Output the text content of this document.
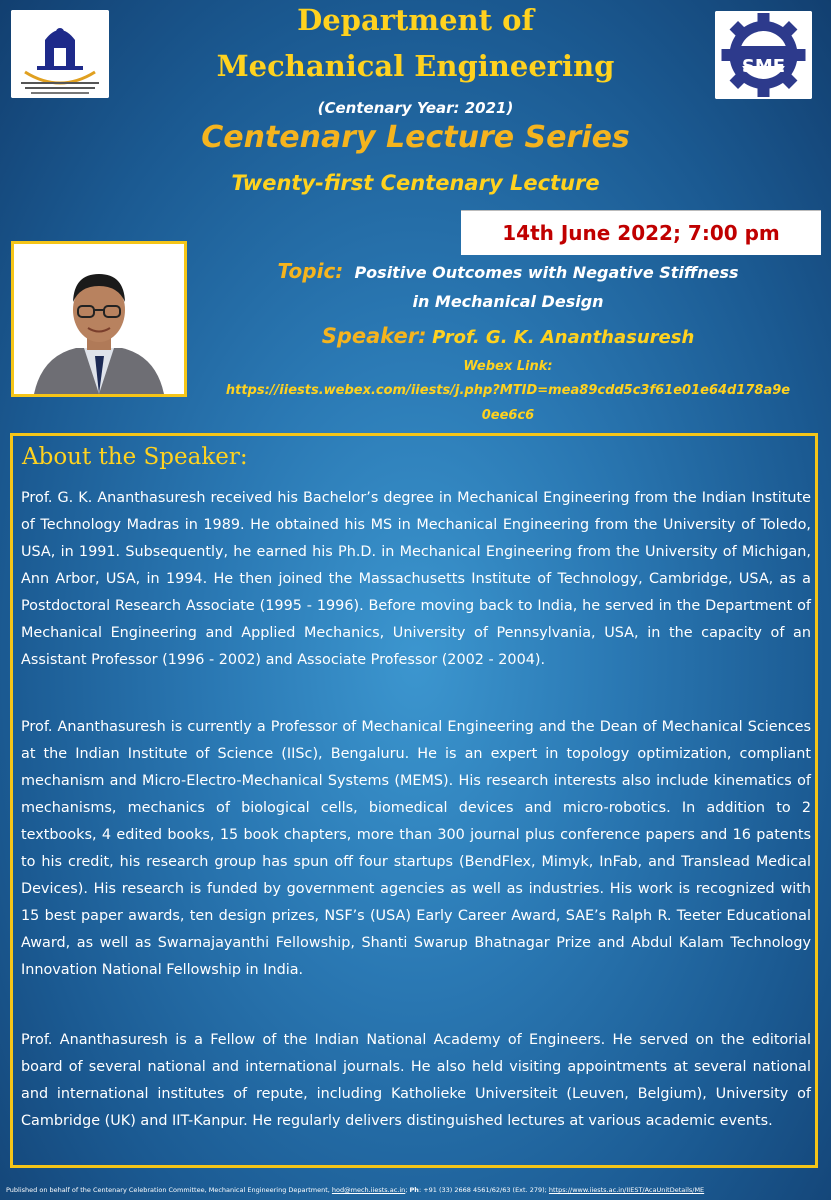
SME
Department of
Mechanical Engineering
(Centenary Year: 2021)
Centenary Lecture Series
Twenty-first Centenary Lecture
14th June 2022; 7:00 pm
Topic: Positive Outcomes with Negative Stiffness
in Mechanical Design
Speaker: Prof. G. K. Ananthasuresh
Webex Link:
https://iiests.webex.com/iiests/j.php?MTID=mea89cdd5c3f61e01e64d178a9e
0ee6c6
About the Speaker:

Prof. G. K. Ananthasuresh received his Bachelor’s degree in Mechanical Engineering from the Indian Institute of Technology Madras in 1989. He obtained his MS in Mechanical Engineering from the University of Toledo, USA, in 1991. Subsequently, he earned his Ph.D. in Mechanical Engineering from the University of Michigan, Ann Arbor, USA, in 1994. He then joined the Massachusetts Institute of Technology, Cambridge, USA, as a Postdoctoral Research Associate (1995 - 1996). Before moving back to India, he served in the Department of Mechanical Engineering and Applied Mechanics, University of Pennsylvania, USA, in the capacity of an Assistant Professor (1996 - 2002) and Associate Professor (2002 - 2004).

Prof. Ananthasuresh is currently a Professor of Mechanical Engineering and the Dean of Mechanical Sciences at the Indian Institute of Science (IISc), Bengaluru. He is an expert in topology optimization, compliant mechanism and Micro-Electro-Mechanical Systems (MEMS). His research interests also include kinematics of mechanisms, mechanics of biological cells, biomedical devices and micro-robotics. In addition to 2 textbooks, 4 edited books, 15 book chapters, more than 300 journal plus conference papers and 16 patents to his credit, his research group has spun off four startups (BendFlex, Mimyk, InFab, and Translead Medical Devices). His research is funded by government agencies as well as industries. His work is recognized with 15 best paper awards, ten design prizes, NSF’s (USA) Early Career Award, SAE’s Ralph R. Teeter Educational Award, as well as Swarnajayanthi Fellowship, Shanti Swarup Bhatnagar Prize and Abdul Kalam Technology Innovation National Fellowship in India.

Prof. Ananthasuresh is a Fellow of the Indian National Academy of Engineers. He served on the editorial board of several national and international journals. He also held visiting appointments at several national and international institutes of repute, including Katholieke Universiteit (Leuven, Belgium), University of Cambridge (UK) and IIT-Kanpur. He regularly delivers distinguished lectures at various academic events.

Published on behalf of the Centenary Celebration Committee, Mechanical Engineering Department, hod@mech.iiests.ac.in; Ph: +91 (33) 2668 4561/62/63 (Ext. 279); https://www.iiests.ac.in/IIEST/AcaUnitDetails/ME
